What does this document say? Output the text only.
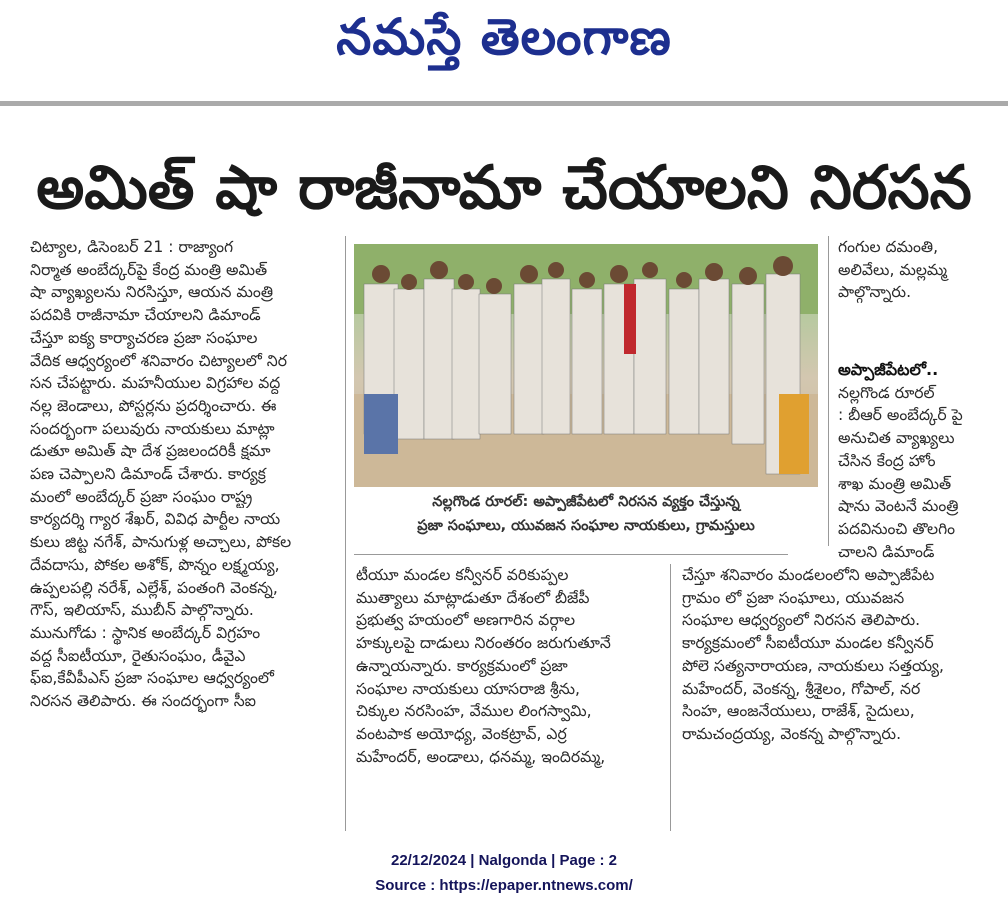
నమస్తే తెలంగాణ
అమిత్ షా రాజీనామా చేయాలని నిరసన
చిట్యాల, డిసెంబర్ 21 : రాజ్యాంగ
నిర్మాత అంబేద్కర్‌పై కేంద్ర మంత్రి అమిత్
షా వ్యాఖ్యలను నిరసిస్తూ, ఆయన మంత్రి
పదవికి రాజీనామా చేయాలని డిమాండ్
చేస్తూ ఐక్య కార్యాచరణ ప్రజా సంఘాల
వేదిక ఆధ్వర్యంలో శనివారం చిట్యాలలో నిర
సన చేపట్టారు. మహనీయుల విగ్రహాల వద్ద
నల్ల జెండాలు, పోస్టర్లను ప్రదర్శించారు. ఈ
సందర్భంగా పలువురు నాయకులు మాట్లా
డుతూ అమిత్ షా దేశ ప్రజలందరికీ క్షమా
పణ చెప్పాలని డిమాండ్ చేశారు. కార్యక్ర
మంలో అంబేద్కర్ ప్రజా సంఘం రాష్ట్ర
కార్యదర్శి గ్యార శేఖర్, వివిధ పార్టీల నాయ
కులు జిట్ట నగేశ్, పానుగుళ్ల అచ్చాలు, పోకల
దేవదాసు, పోకల అశోక్, పొన్నం లక్ష్మయ్య,
ఉప్పలపల్లి నరేశ్, ఎల్లేశ్, పంతంగి వెంకన్న,
గౌస్, ఇలియాస్, ముబీన్ పాల్గొన్నారు.
మునుగోడు : స్థానిక అంబేద్కర్ విగ్రహం
వద్ద సీఐటీయూ, రైతుసంఘం, డీవైఎ
ఫ్ఐ,కేవీపీఎస్ ప్రజా సంఘాల ఆధ్వర్యంలో
నిరసన తెలిపారు. ఈ సందర్భంగా సీఐ
నల్లగొండ రూరల్: అప్పాజీపేటలో నిరసన వ్యక్తం చేస్తున్న
ప్రజా సంఘాలు, యువజన సంఘాల నాయకులు, గ్రామస్తులు
గంగుల దమంతి,
అలివేలు, మల్లమ్మ
పాల్గొన్నారు.
అప్పాజీపేటలో..
నల్లగొండ రూరల్
: బీఆర్ అంబేద్కర్ పై
అనుచిత వ్యాఖ్యలు
చేసిన కేంద్ర హోం
శాఖ మంత్రి అమిత్
షాను వెంటనే మంత్రి
పదవినుంచి తొలగిం
చాలని డిమాండ్
టీయూ మండల కన్వీనర్ వరికుప్పల
ముత్యాలు మాట్లాడుతూ దేశంలో బీజేపీ
ప్రభుత్వ హయంలో అణగారిన వర్గాల
హక్కులపై దాడులు నిరంతరం జరుగుతూనే
ఉన్నాయన్నారు. కార్యక్రమంలో ప్రజా
సంఘాల నాయకులు యాసరాజి శ్రీను,
చిక్కుల నరసింహ, వేముల లింగస్వామి,
వంటపాక అయోధ్య, వెంకట్రావ్, ఎర్ర
మహేందర్, అండాలు, ధనమ్మ, ఇందిరమ్మ,
చేస్తూ శనివారం మండలంలోని అప్పాజీపేట
గ్రామం లో ప్రజా సంఘాలు, యువజన
సంఘాల ఆధ్వర్యంలో నిరసన తెలిపారు.
కార్యక్రమంలో సీఐటీయూ మండల కన్వీనర్
పోలె సత్యనారాయణ, నాయకులు సత్తయ్య,
మహేందర్, వెంకన్న, శ్రీశైలం, గోపాల్, నర
సింహ, ఆంజనేయులు, రాజేశ్, సైదులు,
రామచంద్రయ్య, వెంకన్న పాల్గొన్నారు.
22/12/2024 | Nalgonda | Page : 2
Source : https://epaper.ntnews.com/
